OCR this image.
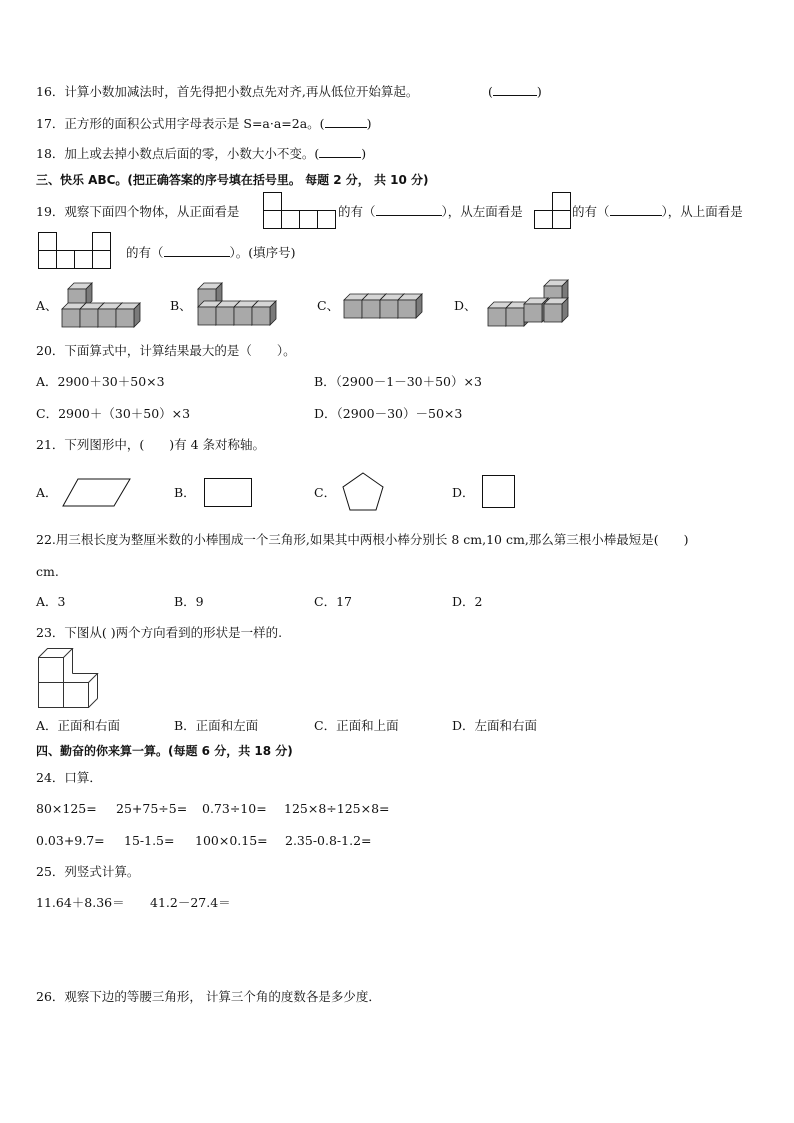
16．计算小数加减法时，首先得把小数点先对齐,再从低位开始算起。	(	)
17．正方形的面积公式用字母表示是 S=a·a=2a。(	)
18．加上或去掉小数点后面的零，小数大小不变。(	)
三、快乐 ABC。(把正确答案的序号填在括号里。 每题 2 分， 共 10 分)
19．观察下面四个物体，从正面看是	的有（	），从左面看是	的有（	），从上面看是
的有（	）。(填序号)
A、	B、	C、	D、
20．下面算式中，计算结果最大的是（　　）。
A．2900＋30＋50×3	B．（2900－1－30＋50）×3
C．2900＋（30＋50）×3	D．（2900－30）－50×3
21．下列图形中，(　　)有 4 条对称轴。
A．	B．	C．	D．
22.用三根长度为整厘米数的小棒围成一个三角形,如果其中两根小棒分别长 8 cm,10 cm,那么第三根小棒最短是(　　)
cm.
A．3	B．9	C．17	D．2
23．下图从( )两个方向看到的形状是一样的.
A．正面和右面	B．正面和左面	C．正面和上面	D．左面和右面
四、勤奋的你来算一算。(每题 6 分，共 18 分)
24．口算．
80×125= 25+75÷5= 0.73÷10= 125×8÷125×8=
0.03+9.7= 15-1.5= 100×0.15= 2.35-0.8-1.2=
25．列竖式计算。
11.64＋8.36＝ 41.2－27.4＝
26．观察下边的等腰三角形， 计算三个角的度数各是多少度．
